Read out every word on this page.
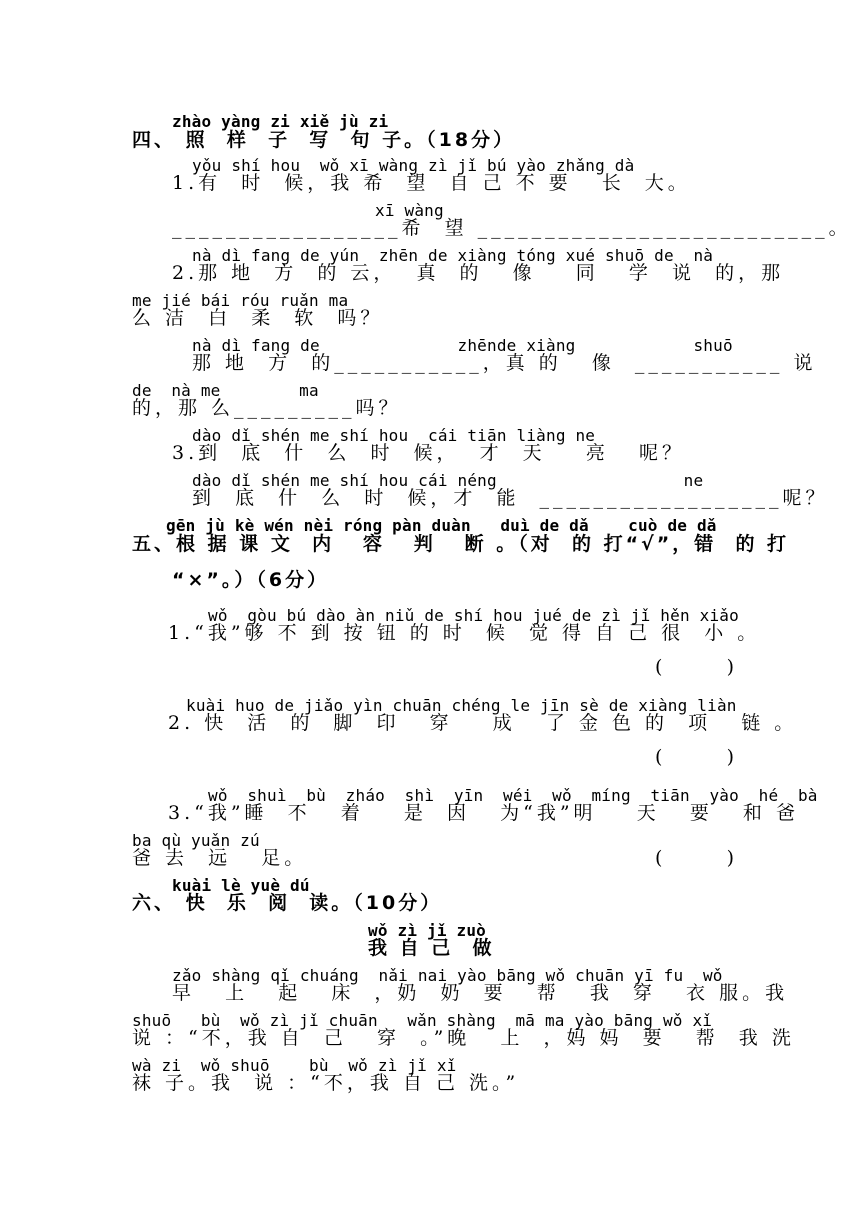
zhào yàng zi xiě jù zi
四、 照  样  子  写  句 子。（18分）
yǒu shí hou  wǒ xī wàng zì jǐ bú yào zhǎng dà
1.有  时  候，我 希  望  自 己 不 要   长  大。
xī wàng
_________________希  望 __________________________。
nà dì fang de yún  zhēn de xiàng tóng xué shuō de  nà
2.那 地  方  的 云，  真  的   像    同   学  说  的，那
me jié bái róu ruǎn ma
么 洁  白  柔  软  吗？
nà dì fang de              zhēnde xiàng            shuō
那 地  方  的___________，真 的   像  ___________ 说
de  nà me        ma
的，那 么_________吗？
dào dǐ shén me shí hou  cái tiān liàng ne
3.到  底  什  么  时  候，  才  天    亮   呢？
dào dǐ shén me shí hou cái néng                   ne
到  底  什  么  时  候，才  能  __________________呢？
gēn jù kè wén nèi róng pàn duàn   duì de dǎ    cuò de dǎ
五、根 据 课 文  内   容   判   断 。（对  的 打“√”，错  的 打
“×”。）（6分）
wǒ  gòu bú dào àn niǔ de shí hou jué de zì jǐ hěn xiǎo
1.“我”够 不 到 按 钮 的 时  候  觉 得 自 己 很  小 。
(      )
kuài huo de jiǎo yìn chuān chéng le jīn sè de xiàng liàn
2. 快  活  的  脚  印   穿    成   了 金 色 的  项   链 。
(      )
wǒ  shuì  bù  zháo  shì  yīn  wéi  wǒ  míng  tiān  yào  hé  bà
3.“我”睡  不   着    是  因   为“我”明    天   要   和 爸
ba qù yuǎn zú
爸 去  远   足。	(      )
kuài lè yuè dú
六、 快  乐  阅  读。（10分）
wǒ zì jǐ zuò
我 自 己  做
zǎo shàng qǐ chuáng  nǎi nai yào bāng wǒ chuān yī fu  wǒ
早   上   起   床  ，奶  奶  要   帮   我  穿   衣 服。我
shuō   bù  wǒ zì jǐ chuān   wǎn shàng  mā ma yào bāng wǒ xǐ
说 ：“不，我 自  己   穿  。”晚   上  ，妈 妈  要   帮  我 洗
wà zi  wǒ shuō    bù  wǒ zì jǐ xǐ
袜 子。我  说 ：“不，我 自 己 洗。”
